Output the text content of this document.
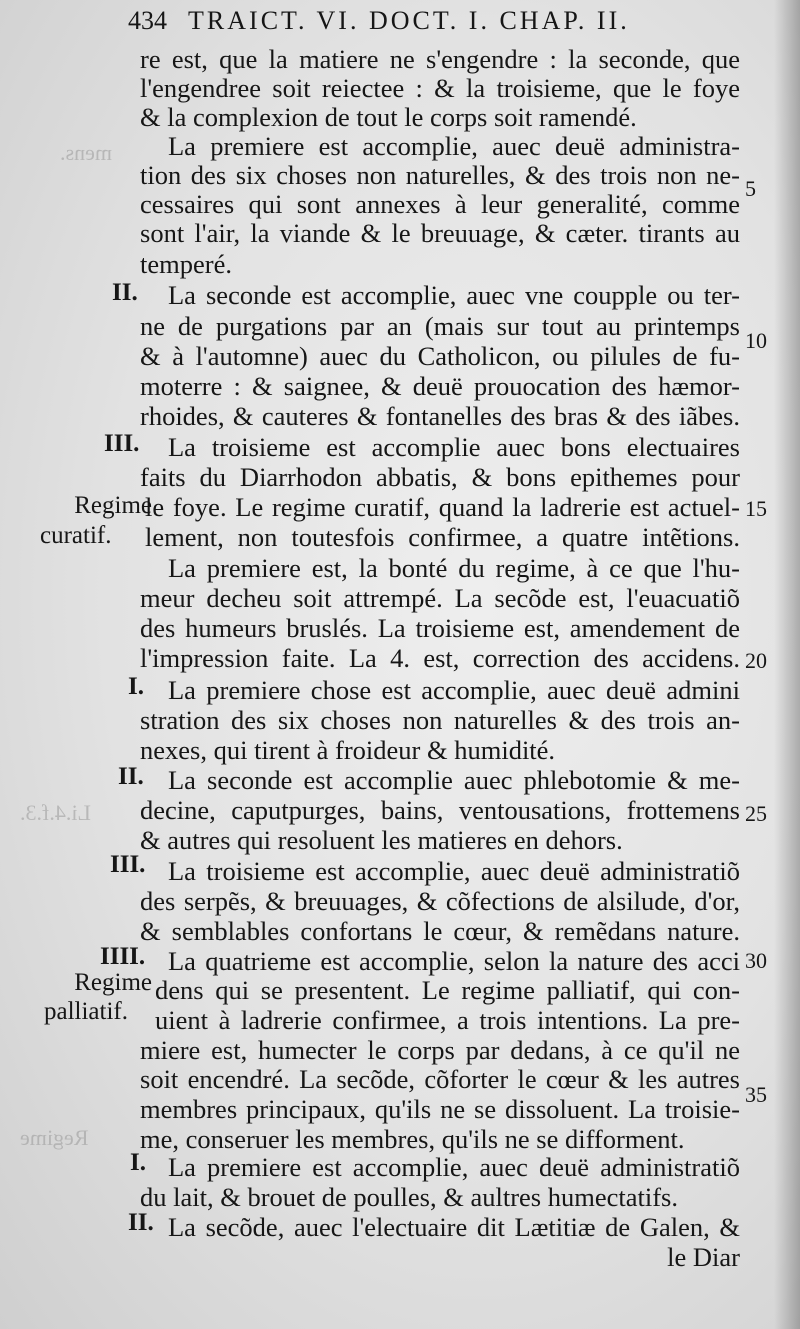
mens.
Li.4.f.3.
Regime
434 TRAICT. VI. DOCT. I. CHAP. II.
re est, que la matiere ne s'engendre : la seconde, que
l'engendree soit reiectee : & la troisieme, que le foye
& la complexion de tout le corps soit ramendé.
La premiere est accomplie, auec deuë administra-
tion des six choses non naturelles, & des trois non ne-
cessaires qui sont annexes à leur generalité, comme
sont l'air, la viande & le breuuage, & cæter. tirants au
temperé.
II. La seconde est accomplie, auec vne coupple ou ter-
ne de purgations par an (mais sur tout au printemps
& à l'automne) auec du Catholicon, ou pilules de fu-
moterre : & saignee, & deuë prouocation des hæmor-
rhoides, & cauteres & fontanelles des bras & des iãbes.
III. La troisieme est accomplie auec bons electuaires
faits du Diarrhodon abbatis, & bons epithemes pour
Regime
curatif.
le foye. Le regime curatif, quand la ladrerie est actuel-
lement, non toutesfois confirmee, a quatre intẽtions.
La premiere est, la bonté du regime, à ce que l'hu-
meur decheu soit attrempé. La secõde est, l'euacuatiõ
des humeurs bruslés. La troisieme est, amendement de
l'impression faite. La 4. est, correction des accidens.
I. La premiere chose est accomplie, auec deuë admini
stration des six choses non naturelles & des trois an-
nexes, qui tirent à froideur & humidité.
II. La seconde est accomplie auec phlebotomie & me-
decine, caputpurges, bains, ventousations, frottemens
& autres qui resoluent les matieres en dehors.
III. La troisieme est accomplie, auec deuë administratiõ
des serpẽs, & breuuages, & cõfections de alsilude, d'or,
& semblables confortans le cœur, & remẽdans nature.
IIII. La quatrieme est accomplie, selon la nature des acci
Regime
palliatif.
dens qui se presentent. Le regime palliatif, qui con-
uient à ladrerie confirmee, a trois intentions. La pre-
miere est, humecter le corps par dedans, à ce qu'il ne
soit encendré. La secõde, cõforter le cœur & les autres
membres principaux, qu'ils ne se dissoluent. La troisie-
me, conseruer les membres, qu'ils ne se difforment.
I. La premiere est accomplie, auec deuë administratiõ
du lait, & brouet de poulles, & aultres humectatifs.
II. La secõde, auec l'electuaire dit Lætitiæ de Galen, &
le Diar
5
10
15
20
25
30
35
